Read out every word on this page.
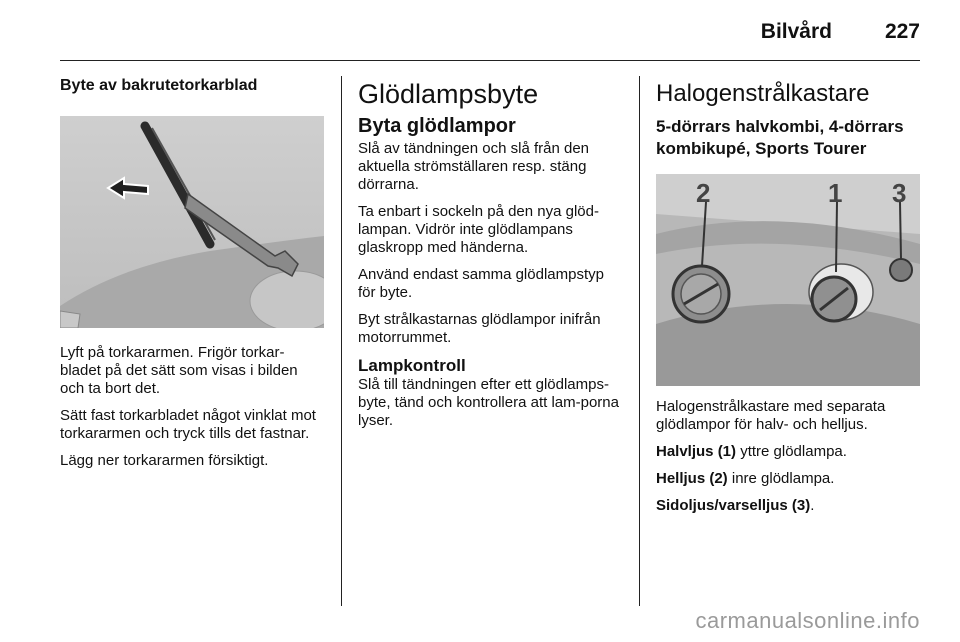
Bilvård	227
Byte av bakrutetorkarblad

Lyft på torkararmen. Frigör torkar-bladet på det sätt som visas i bilden och ta bort det.

Sätt fast torkarbladet något vinklat mot torkararmen och tryck tills det fastnar.

Lägg ner torkararmen försiktigt.

Glödlampsbyte
Byta glödlampor

Slå av tändningen och slå från den aktuella strömställaren resp. stäng dörrarna.

Ta enbart i sockeln på den nya glöd-lampan. Vidrör inte glödlampans glaskropp med händerna.

Använd endast samma glödlampstyp för byte.

Byt strålkastarnas glödlampor inifrån motorrummet.

Lampkontroll

Slå till tändningen efter ett glödlamps-byte, tänd och kontrollera att lam-porna lyser.

Halogenstrålkastare
5-dörrars halvkombi, 4-dörrars kombikupé, Sports Tourer
2	1 3

Halogenstrålkastare med separata glödlampor för halv- och helljus.

Halvljus (1) yttre glödlampa.

Helljus (2) inre glödlampa.

Sidoljus/varselljus (3).

carmanualsonline.info
